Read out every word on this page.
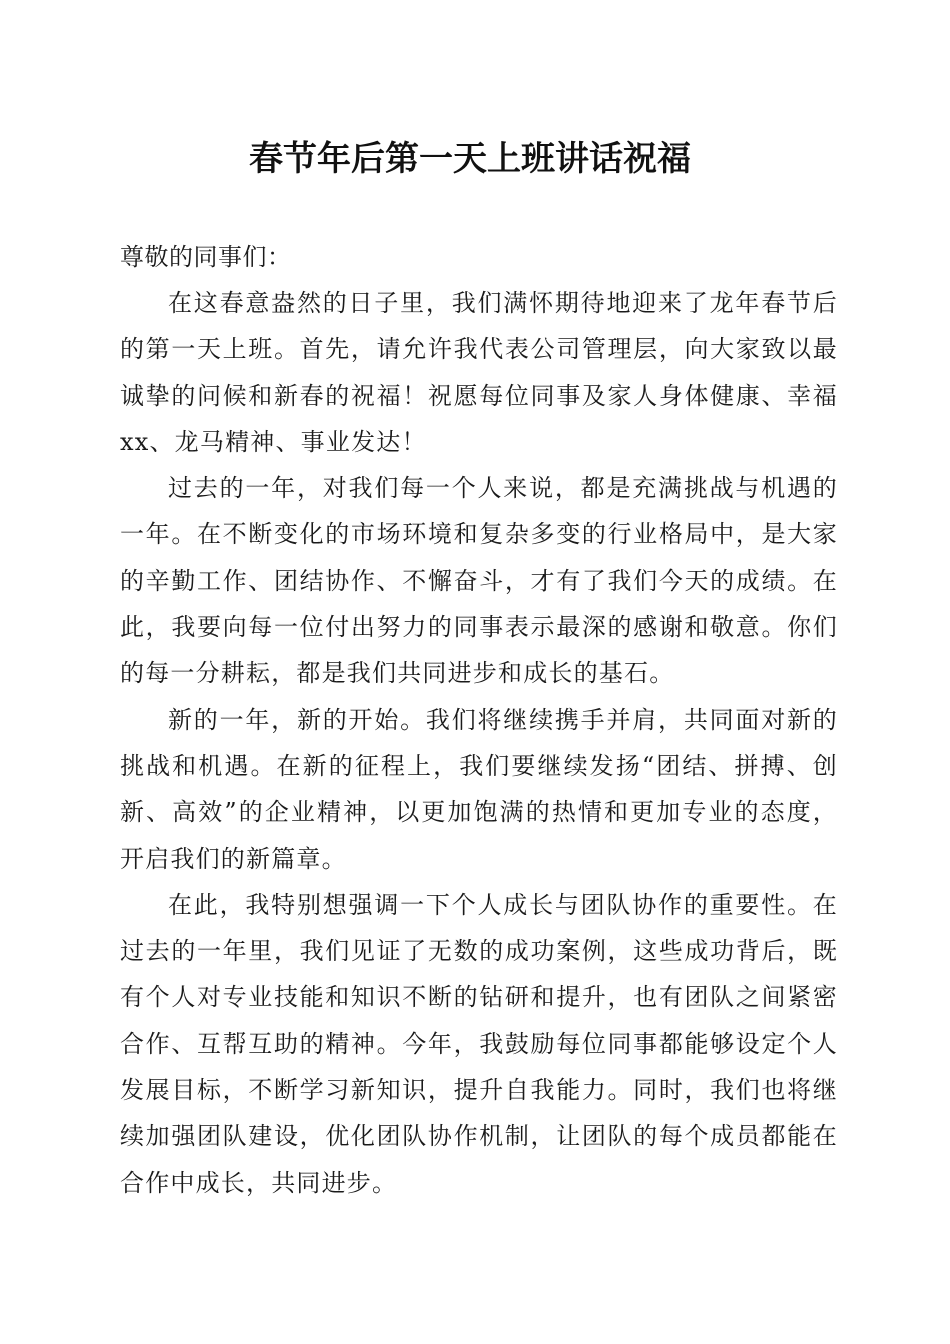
春节年后第一天上班讲话祝福

尊敬的同事们：

在这春意盎然的日子里，我们满怀期待地迎来了龙年春节后的第一天上班。首先，请允许我代表公司管理层，向大家致以最诚挚的问候和新春的祝福！祝愿每位同事及家人身体健康、幸福xx、龙马精神、事业发达！

过去的一年，对我们每一个人来说，都是充满挑战与机遇的一年。在不断变化的市场环境和复杂多变的行业格局中，是大家的辛勤工作、团结协作、不懈奋斗，才有了我们今天的成绩。在此，我要向每一位付出努力的同事表示最深的感谢和敬意。你们的每一分耕耘，都是我们共同进步和成长的基石。

新的一年，新的开始。我们将继续携手并肩，共同面对新的挑战和机遇。在新的征程上，我们要继续发扬“团结、拼搏、创新、高效”的企业精神，以更加饱满的热情和更加专业的态度，开启我们的新篇章。

在此，我特别想强调一下个人成长与团队协作的重要性。在过去的一年里，我们见证了无数的成功案例，这些成功背后，既有个人对专业技能和知识不断的钻研和提升，也有团队之间紧密合作、互帮互助的精神。今年，我鼓励每位同事都能够设定个人发展目标，不断学习新知识，提升自我能力。同时，我们也将继续加强团队建设，优化团队协作机制，让团队的每个成员都能在合作中成长，共同进步。
